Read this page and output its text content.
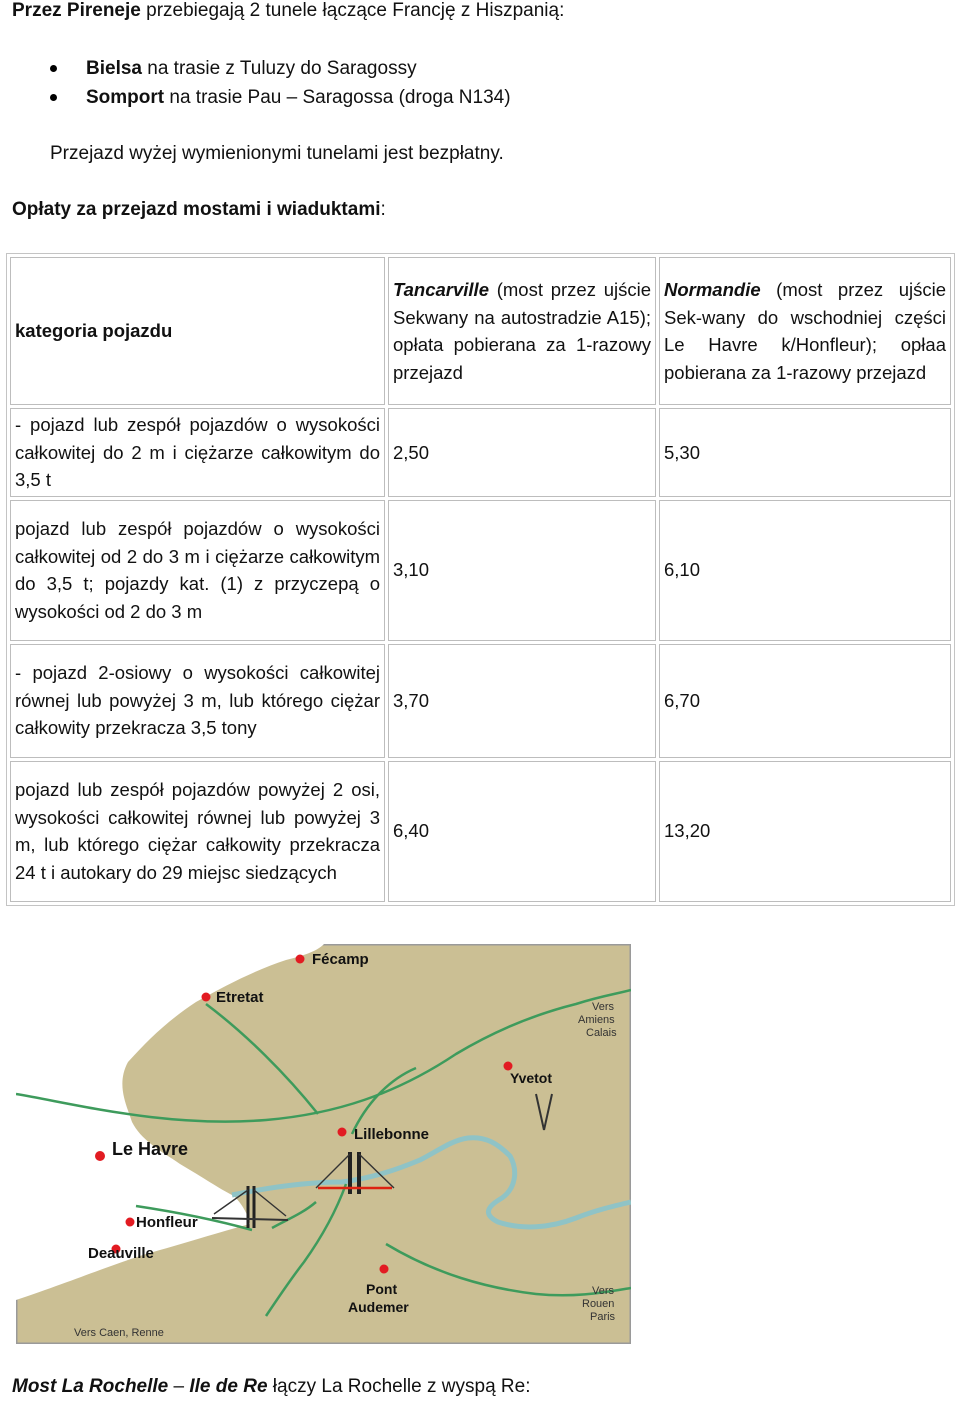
Przez Pireneje przebiegają 2 tunele łączące Francję z Hiszpanią:
Bielsa na trasie z Tuluzy do Saragossy
Somport na trasie Pau – Saragossa (droga N134)
Przejazd wyżej wymienionymi tunelami jest bezpłatny.
Opłaty za przejazd mostami i wiaduktami:
kategoria pojazdu	Tancarville (most przez ujście Sekwany na autostradzie A15); opłata pobierana za 1-razowy przejazd	Normandie (most przez ujście Sek-wany do wschodniej części Le Havre k/Honfleur); opłaa pobierana za 1-razowy przejazd
- pojazd lub zespół pojazdów o wysokości całkowitej do 2 m i ciężarze całkowitym do 3,5 t	2,50	5,30
pojazd lub zespół pojazdów o wysokości całkowitej od 2 do 3 m i ciężarze całkowitym do 3,5 t; pojazdy kat. (1) z przyczepą o wysokości od 2 do 3 m	3,10	6,10
- pojazd 2-osiowy o wysokości całkowitej równej lub powyżej 3 m, lub którego ciężar całkowity przekracza 3,5 tony	3,70	6,70
pojazd lub zespół pojazdów powyżej 2 osi, wysokości całkowitej równej lub powyżej 3 m, lub którego ciężar całkowity przekracza 24 t i autokary do 29 miejsc siedzących	6,40	13,20
Fécamp
Etretat
Yvetot
Le Havre
Lillebonne
Honfleur
Deauville
Pont
Audemer
Vers
Amiens
Calais
Vers
Rouen
Paris
Vers Caen, Renne
Most La Rochelle – Ile de Re łączy La Rochelle z wyspą Re:
